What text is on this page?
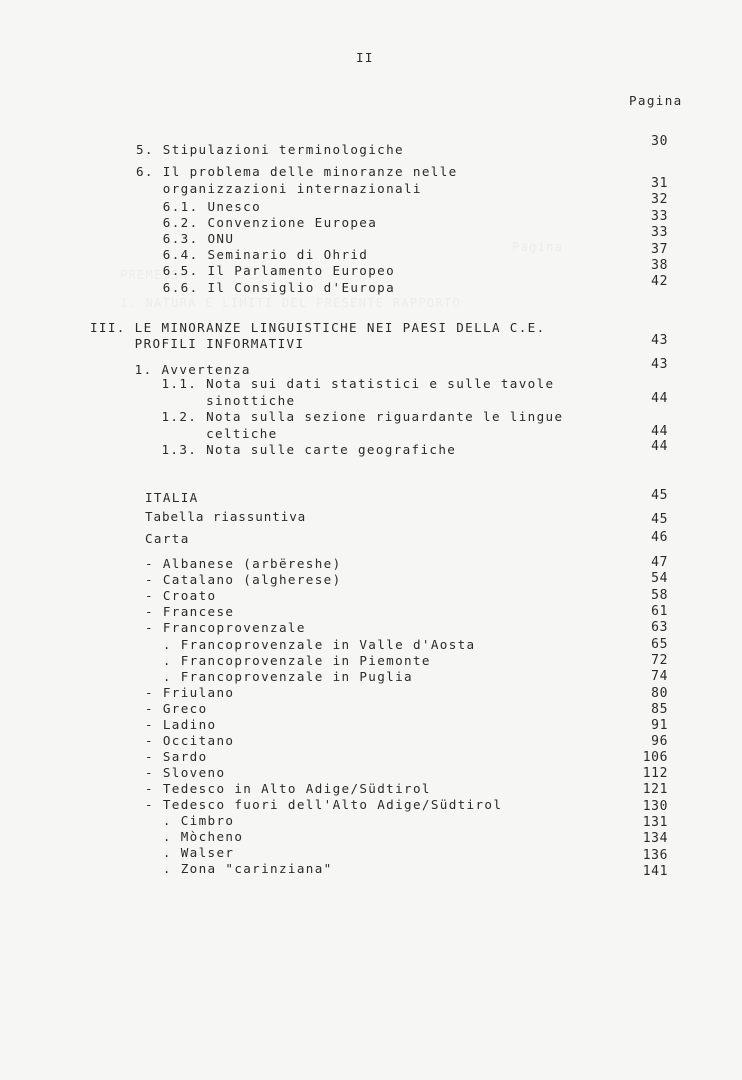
II
Pagina
5. Stipulazioni terminologiche
6. Il problema delle minoranze nelle
organizzazioni internazionali
6.1. Unesco
6.2. Convenzione Europea
6.3. ONU
6.4. Seminario di Ohrid
6.5. Il Parlamento Europeo
6.6. Il Consiglio d'Europa
III. LE MINORANZE LINGUISTICHE NEI PAESI DELLA C.E.
PROFILI INFORMATIVI
1. Avvertenza
1.1. Nota sui dati statistici e sulle tavole
sinottiche
1.2. Nota sulla sezione riguardante le lingue
celtiche
1.3. Nota sulle carte geografiche
ITALIA
Tabella riassuntiva
Carta
- Albanese (arbëreshe)
- Catalano (algherese)
- Croato
- Francese
- Francoprovenzale
. Francoprovenzale in Valle d'Aosta
. Francoprovenzale in Piemonte
. Francoprovenzale in Puglia
- Friulano
- Greco
- Ladino
- Occitano
- Sardo
- Sloveno
- Tedesco in Alto Adige/Südtirol
- Tedesco fuori dell'Alto Adige/Südtirol
. Cimbro
. Mòcheno
. Walser
. Zona "carinziana"
30
31
32
33
33
37
38
42
43
43
44
44
44
45
45
46
47
54
58
61
63
65
72
74
80
85
91
96
106
112
121
130
131
134
136
141
